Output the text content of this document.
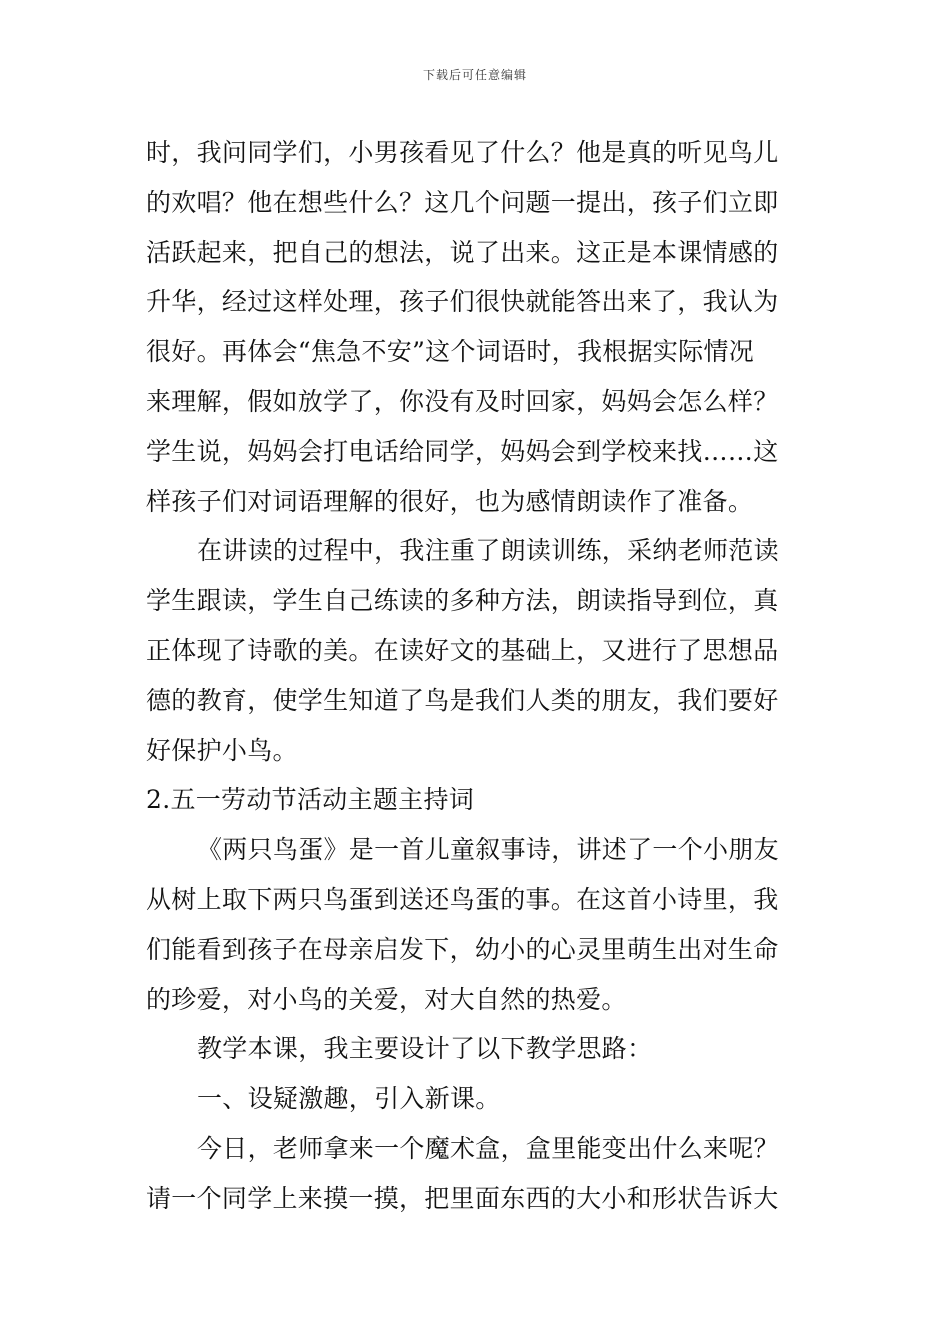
下载后可任意编辑
时，我问同学们，小男孩看见了什么？他是真的听见鸟儿
的欢唱？他在想些什么？这几个问题一提出，孩子们立即
活跃起来，把自己的想法，说了出来。这正是本课情感的
升华，经过这样处理，孩子们很快就能答出来了，我认为
很好。再体会“焦急不安”这个词语时，我根据实际情况
来理解，假如放学了，你没有及时回家，妈妈会怎么样？
学生说，妈妈会打电话给同学，妈妈会到学校来找……这
样孩子们对词语理解的很好，也为感情朗读作了准备。
在讲读的过程中，我注重了朗读训练，采纳老师范读
学生跟读，学生自己练读的多种方法，朗读指导到位，真
正体现了诗歌的美。在读好文的基础上，又进行了思想品
德的教育，使学生知道了鸟是我们人类的朋友，我们要好
好保护小鸟。
2.五一劳动节活动主题主持词
《两只鸟蛋》是一首儿童叙事诗，讲述了一个小朋友
从树上取下两只鸟蛋到送还鸟蛋的事。在这首小诗里，我
们能看到孩子在母亲启发下，幼小的心灵里萌生出对生命
的珍爱，对小鸟的关爱，对大自然的热爱。
教学本课，我主要设计了以下教学思路：
一、设疑激趣，引入新课。
今日，老师拿来一个魔术盒，盒里能变出什么来呢？
请一个同学上来摸一摸，把里面东西的大小和形状告诉大
